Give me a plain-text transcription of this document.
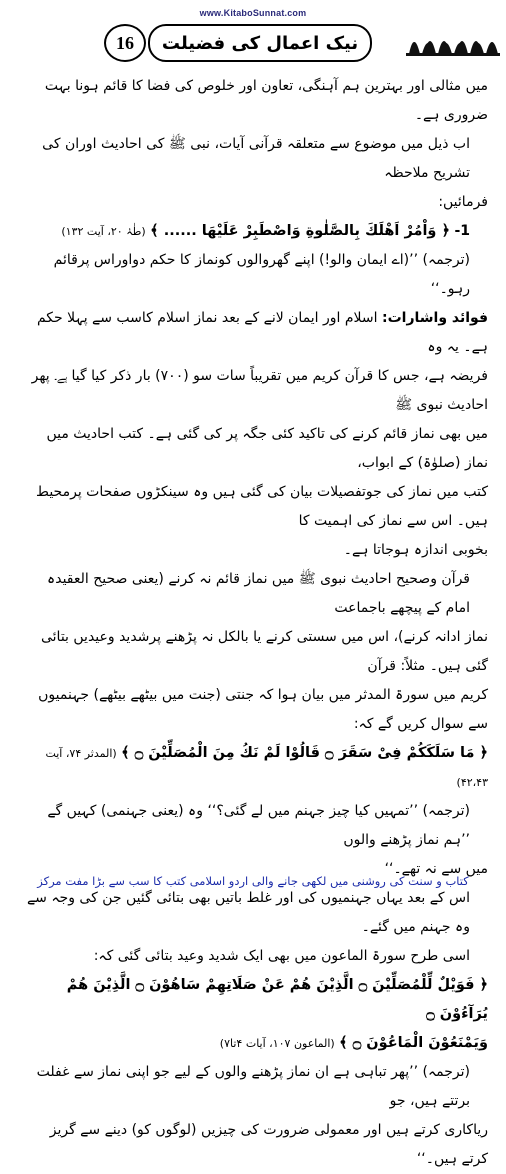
www.KitaboSunnat.com
16	نیک اعمال کی فضیلت

میں مثالی اور بہترین ہم آہنگی، تعاون اور خلوص کی فضا کا قائم ہونا بہت ضروری ہے۔

اب ذیل میں موضوع سے متعلقہ قرآنی آیات، نبی ﷺ کی احادیث اوران کی تشریح ملاحظہ

فرمائیں:

1- ﴿ وَاْمُرْ اَهْلَكَ بِالصَّلٰوةِ وَاصْطَبِرْ عَلَیْهَا ...... ﴾ (طٰہٰ ۲۰، آیت ۱۳۲)

(ترجمہ) ’’(اے ایمان والو!) اپنے گھروالوں کونماز کا حکم دواوراس پرقائم رہو۔‘‘

فوائد واشارات: اسلام اور ایمان لانے کے بعد نماز اسلام کاسب سے پہلا حکم ہے۔ یہ وہ

فریضہ ہے، جس کا قرآن کریم میں تقریباً سات سو (۷۰۰) بار ذکر کیا گیا ہے۔ پھر احادیث نبوی ﷺ

میں بھی نماز قائم کرنے کی تاکید کئی جگہ پر کی گئی ہے۔ کتب احادیث میں نماز (صلوٰۃ) کے ابواب،

کتب میں نماز کی جوتفصیلات بیان کی گئی ہیں وہ سینکڑوں صفحات پرمحیط ہیں۔ اس سے نماز کی اہمیت کا

بخوبی اندازہ ہوجاتا ہے۔

قرآن وصحیح احادیث نبوی ﷺ میں نماز قائم نہ کرنے (یعنی صحیح العقیدہ امام کے پیچھے باجماعت

نماز ادانہ کرنے)، اس میں سستی کرنے یا بالکل نہ پڑھنے پرشدید وعیدیں بتائی گئی ہیں۔ مثلاً: قرآن

کریم میں سورۃ المدثر میں بیان ہوا کہ جنتی (جنت میں بیٹھے بیٹھے) جہنمیوں سے سوال کریں گے کہ:

﴿ مَا سَلَكَكُمْ فِیْ سَقَرَ ۝ قَالُوْا لَمْ نَكُ مِنَ الْمُصَلِّیْنَ ۝ ﴾ (المدثر ۷۴، آیت ۴۲،۴۳)

(ترجمہ) ’’تمہیں کیا چیز جہنم میں لے گئی؟‘‘ وہ (یعنی جہنمی) کہیں گے ’’ہم نماز پڑھنے والوں

میں سے نہ تھے۔‘‘

اس کے بعد یہاں جہنمیوں کی اور غلط باتیں بھی بتائی گئیں جن کی وجہ سے وہ جہنم میں گئے۔

اسی طرح سورۃ الماعون میں بھی ایک شدید وعید بتائی گئی کہ:

﴿ فَوَیْلٌ لِّلْمُصَلِّیْنَ ۝ الَّذِیْنَ هُمْ عَنْ صَلَاتِهِمْ سَاهُوْنَ ۝ الَّذِیْنَ هُمْ یُرَآءُوْنَ ۝

وَیَمْنَعُوْنَ الْمَاعُوْنَ ۝ ﴾ (الماعون ۱۰۷، آیات ۴تا۷)

(ترجمہ) ’’پھر تباہی ہے ان نماز پڑھنے والوں کے لیے جو اپنی نماز سے غفلت برتتے ہیں، جو

ریاکاری کرتے ہیں اور معمولی ضرورت کی چیزیں (لوگوں کو) دینے سے گریز کرتے ہیں۔‘‘

کتاب و سنت کی روشنی میں لکھی جانے والی اردو اسلامی کتب کا سب سے بڑا مفت مرکز
